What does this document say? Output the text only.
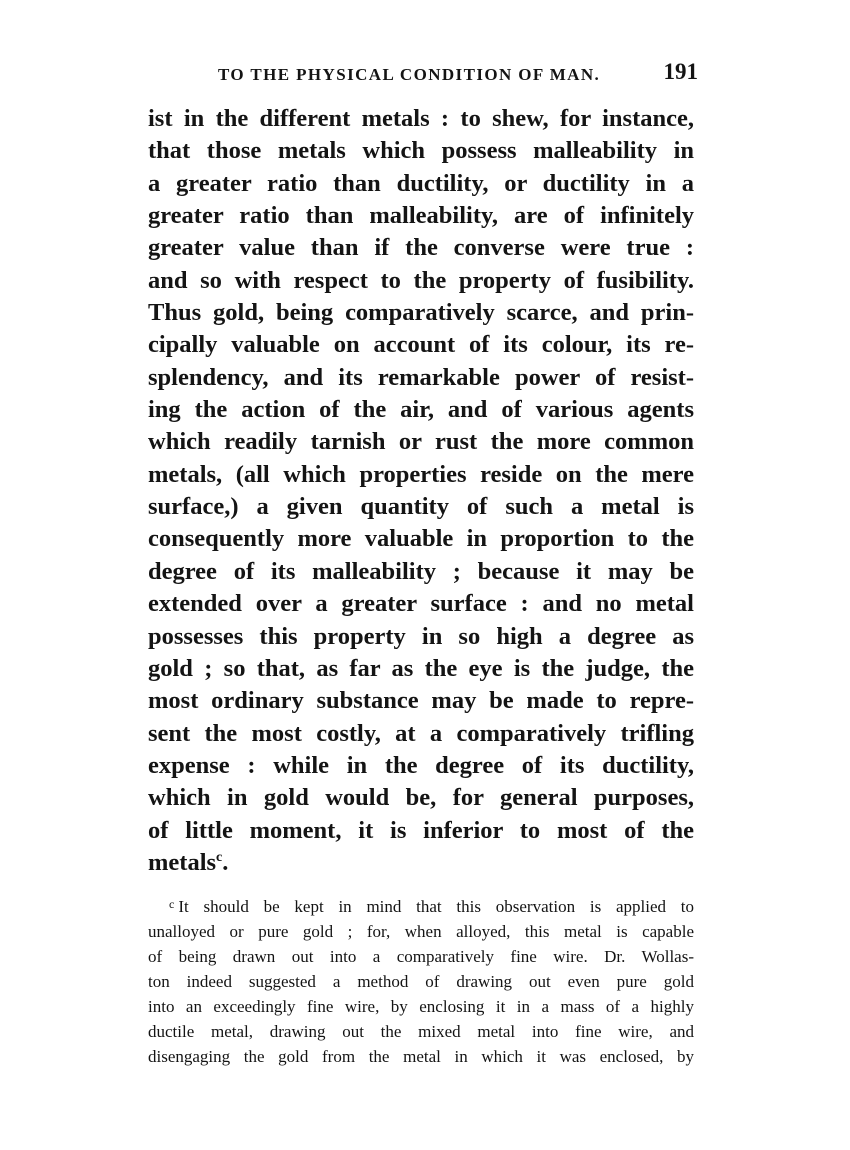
TO THE PHYSICAL CONDITION OF MAN.	191
ist in the different metals : to shew, for instance,
that those metals which possess malleability in
a greater ratio than ductility, or ductility in a
greater ratio than malleability, are of infinitely
greater value than if the converse were true :
and so with respect to the property of fusibility.
Thus gold, being comparatively scarce, and prin-
cipally valuable on account of its colour, its re-
splendency, and its remarkable power of resist-
ing the action of the air, and of various agents
which readily tarnish or rust the more common
metals, (all which properties reside on the mere
surface,) a given quantity of such a metal is
consequently more valuable in proportion to the
degree of its malleability ; because it may be
extended over a greater surface : and no metal
possesses this property in so high a degree as
gold ; so that, as far as the eye is the judge, the
most ordinary substance may be made to repre-
sent the most costly, at a comparatively trifling
expense : while in the degree of its ductility,
which in gold would be, for general purposes,
of little moment, it is inferior to most of the
metals$^c$.
$^c$ It should be kept in mind that this observation is applied to
unalloyed or pure gold ; for, when alloyed, this metal is capable
of being drawn out into a comparatively fine wire. Dr. Wollas-
ton indeed suggested a method of drawing out even pure gold
into an exceedingly fine wire, by enclosing it in a mass of a highly
ductile metal, drawing out the mixed metal into fine wire, and
disengaging the gold from the metal in which it was enclosed, by
